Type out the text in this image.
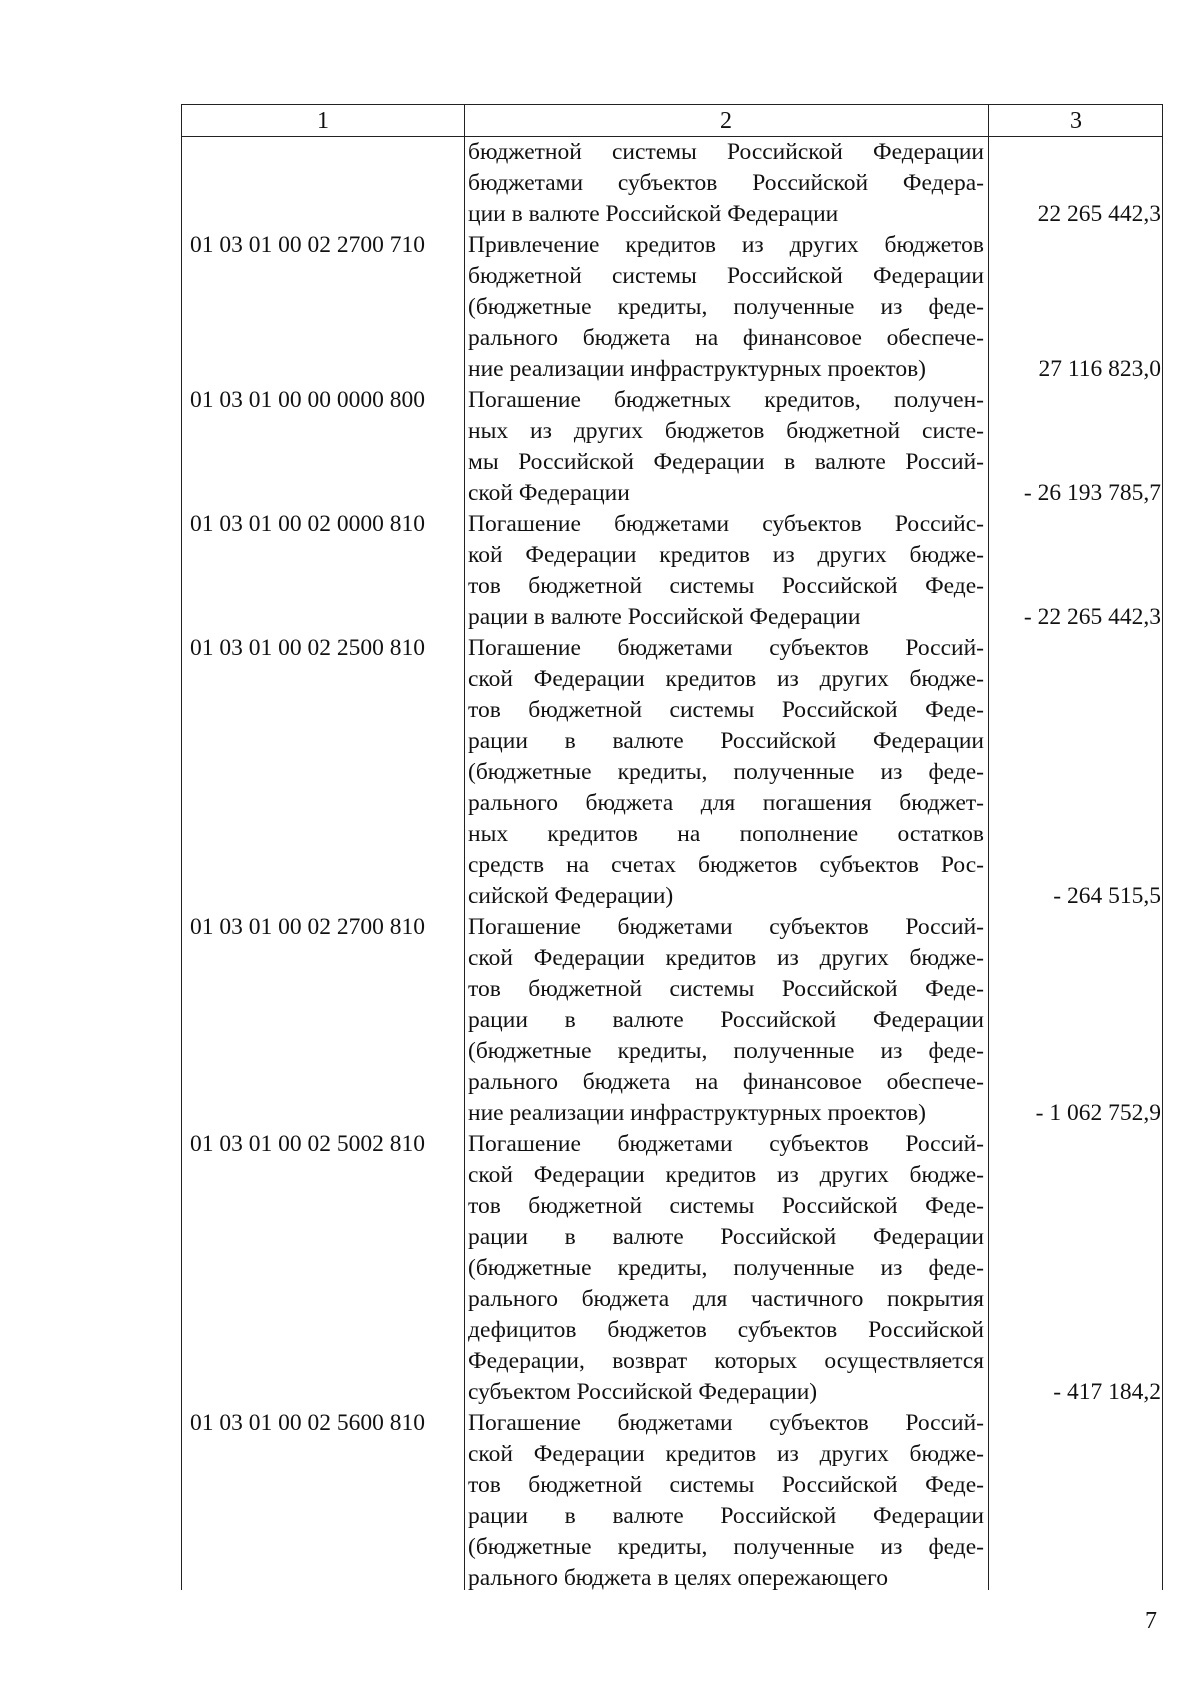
1	2	3
бюджетной системы Российской Федерации
бюджетами субъектов Российской Федера-
ции в валюте Российской Федерации	22 265 442,3
01 03 01 00 02 2700 710	Привлечение кредитов из других бюджетов
бюджетной системы Российской Федерации
(бюджетные кредиты, полученные из феде-
рального бюджета на финансовое обеспече-
ние реализации инфраструктурных проектов)	27 116 823,0
01 03 01 00 00 0000 800	Погашение бюджетных кредитов, получен-
ных из других бюджетов бюджетной систе-
мы Российской Федерации в валюте Россий-
ской Федерации	- 26 193 785,7
01 03 01 00 02 0000 810	Погашение бюджетами субъектов Российс-
кой Федерации кредитов из других бюдже-
тов бюджетной системы Российской Феде-
рации в валюте Российской Федерации	- 22 265 442,3
01 03 01 00 02 2500 810	Погашение бюджетами субъектов Россий-
ской Федерации кредитов из других бюдже-
тов бюджетной системы Российской Феде-
рации в валюте Российской Федерации
(бюджетные кредиты, полученные из феде-
рального бюджета для погашения бюджет-
ных кредитов на пополнение остатков
средств на счетах бюджетов субъектов Рос-
сийской Федерации)	- 264 515,5
01 03 01 00 02 2700 810	Погашение бюджетами субъектов Россий-
ской Федерации кредитов из других бюдже-
тов бюджетной системы Российской Феде-
рации в валюте Российской Федерации
(бюджетные кредиты, полученные из феде-
рального бюджета на финансовое обеспече-
ние реализации инфраструктурных проектов)	- 1 062 752,9
01 03 01 00 02 5002 810	Погашение бюджетами субъектов Россий-
ской Федерации кредитов из других бюдже-
тов бюджетной системы Российской Феде-
рации в валюте Российской Федерации
(бюджетные кредиты, полученные из феде-
рального бюджета для частичного покрытия
дефицитов бюджетов субъектов Российской
Федерации, возврат которых осуществляется
субъектом Российской Федерации)	- 417 184,2
01 03 01 00 02 5600 810	Погашение бюджетами субъектов Россий-
ской Федерации кредитов из других бюдже-
тов бюджетной системы Российской Феде-
рации в валюте Российской Федерации
(бюджетные кредиты, полученные из феде-
рального бюджета в целях опережающего
7
